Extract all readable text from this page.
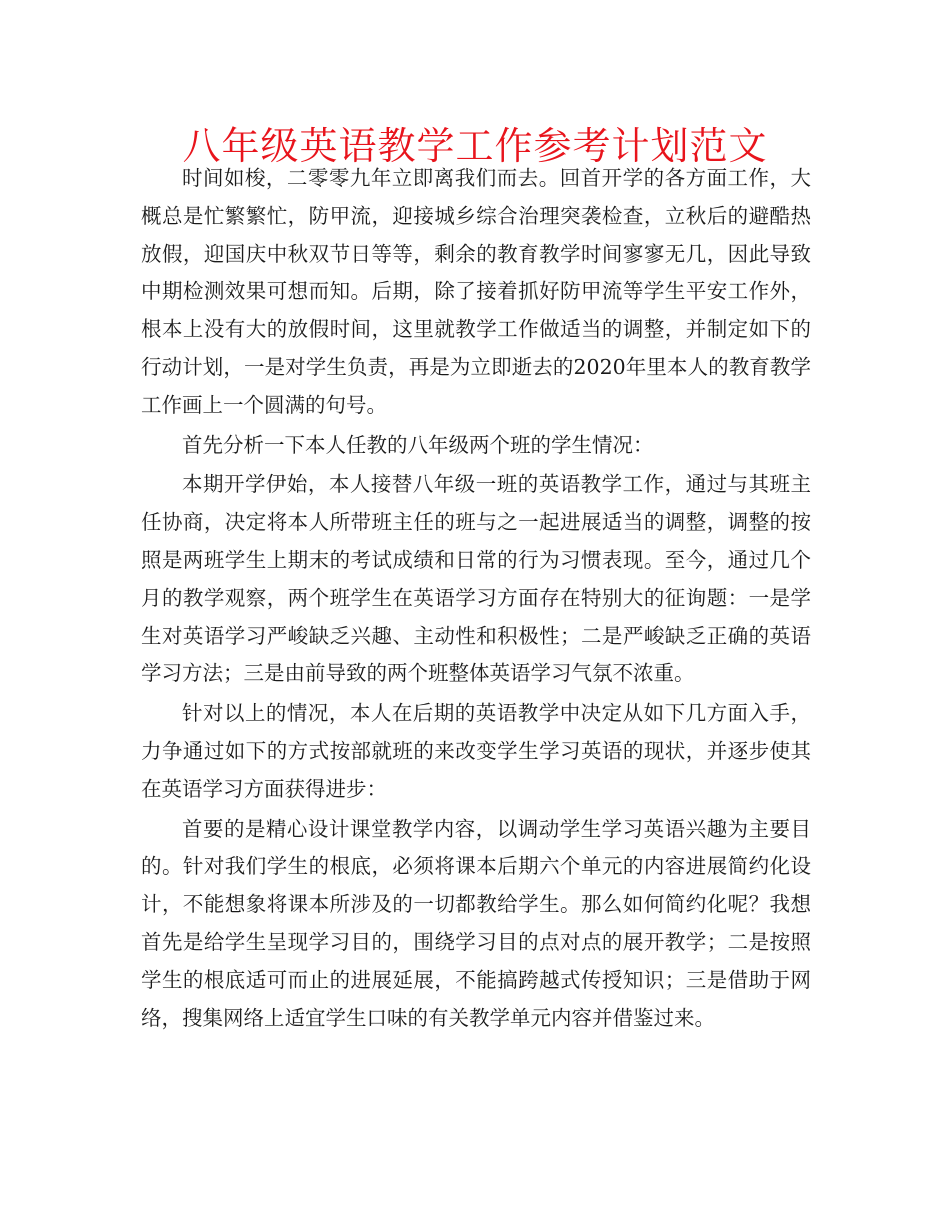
八年级英语教学工作参考计划范文

时间如梭，二零零九年立即离我们而去。回首开学的各方面工作，大概总是忙繁繁忙，防甲流，迎接城乡综合治理突袭检查，立秋后的避酷热放假，迎国庆中秋双节日等等，剩余的教育教学时间寥寥无几，因此导致中期检测效果可想而知。后期，除了接着抓好防甲流等学生平安工作外，根本上没有大的放假时间，这里就教学工作做适当的调整，并制定如下的行动计划，一是对学生负责，再是为立即逝去的2020年里本人的教育教学工作画上一个圆满的句号。

首先分析一下本人任教的八年级两个班的学生情况：

本期开学伊始，本人接替八年级一班的英语教学工作，通过与其班主任协商，决定将本人所带班主任的班与之一起进展适当的调整，调整的按照是两班学生上期末的考试成绩和日常的行为习惯表现。至今，通过几个月的教学观察，两个班学生在英语学习方面存在特别大的征询题：一是学生对英语学习严峻缺乏兴趣、主动性和积极性；二是严峻缺乏正确的英语学习方法；三是由前导致的两个班整体英语学习气氛不浓重。

针对以上的情况，本人在后期的英语教学中决定从如下几方面入手，力争通过如下的方式按部就班的来改变学生学习英语的现状，并逐步使其在英语学习方面获得进步：

首要的是精心设计课堂教学内容，以调动学生学习英语兴趣为主要目的。针对我们学生的根底，必须将课本后期六个单元的内容进展简约化设计，不能想象将课本所涉及的一切都教给学生。那么如何简约化呢？我想首先是给学生呈现学习目的，围绕学习目的点对点的展开教学；二是按照学生的根底适可而止的进展延展，不能搞跨越式传授知识；三是借助于网络，搜集网络上适宜学生口味的有关教学单元内容并借鉴过来。
